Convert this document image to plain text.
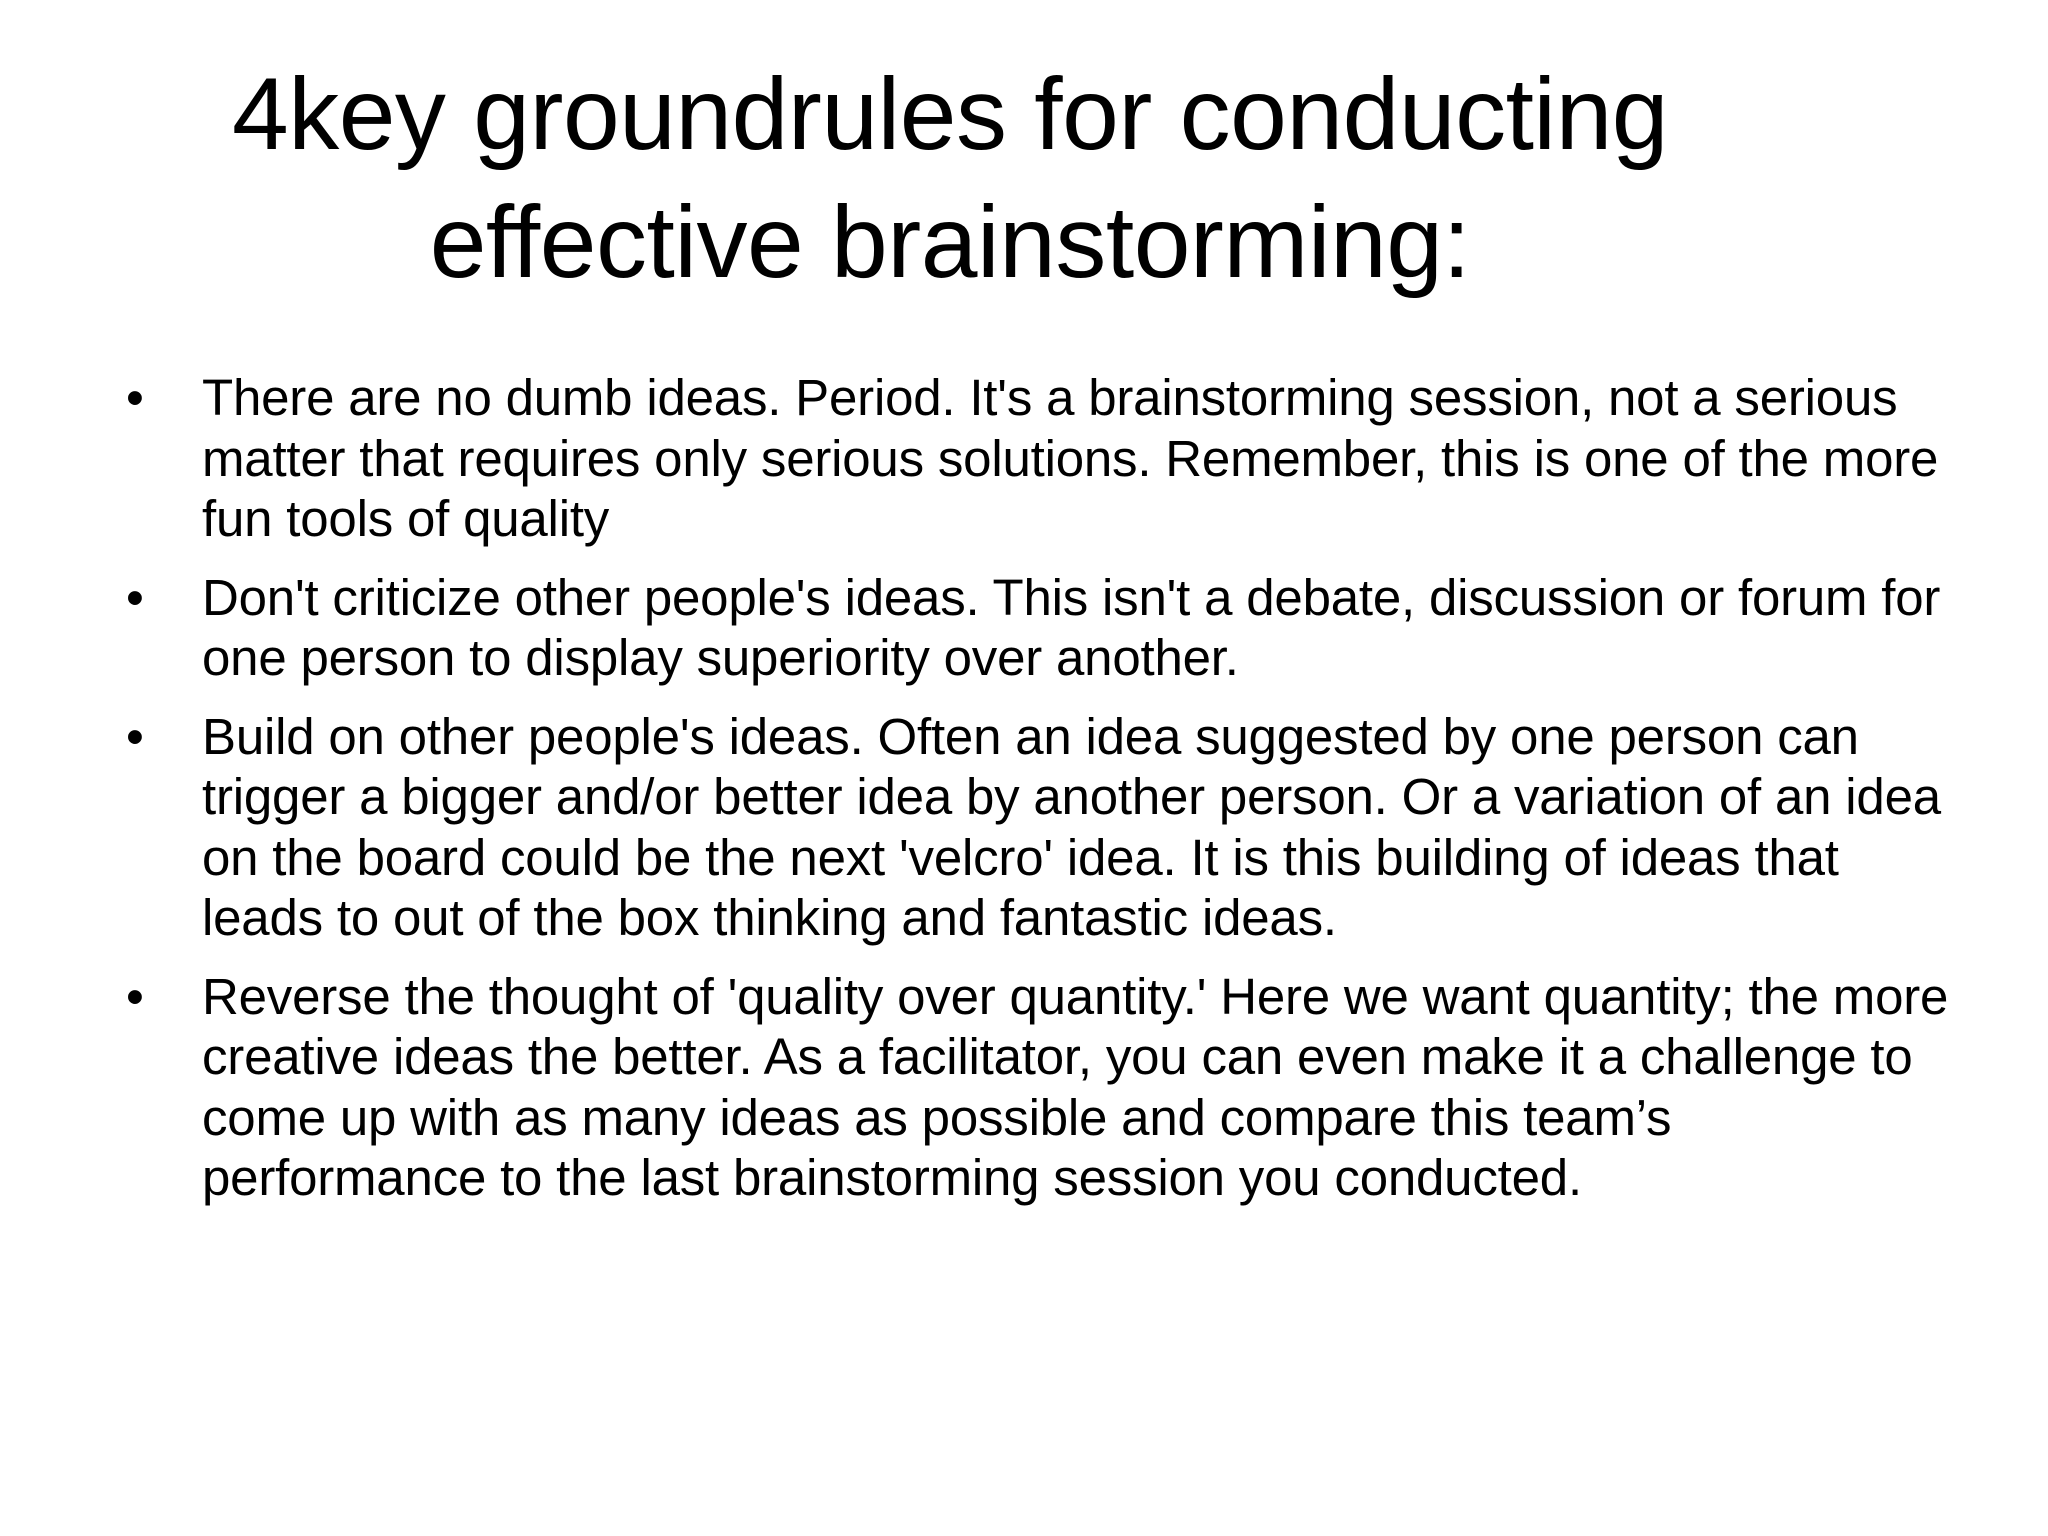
4key groundrules for conducting
effective brainstorming:
•	There are no dumb ideas. Period. It's a brainstorming session, not a serious matter that requires only serious solutions. Remember, this is one of the more fun tools of quality
•	Don't criticize other people's ideas. This isn't a debate, discussion or forum for one person to display superiority over another.
•	Build on other people's ideas. Often an idea suggested by one person can trigger a bigger and/or better idea by another person. Or a variation of an idea on the board could be the next 'velcro' idea. It is this building of ideas that leads to out of the box thinking and fantastic ideas.
•	Reverse the thought of 'quality over quantity.' Here we want quantity; the more creative ideas the better. As a facilitator, you can even make it a challenge to come up with as many ideas as possible and compare this team’s performance to the last brainstorming session you conducted.
